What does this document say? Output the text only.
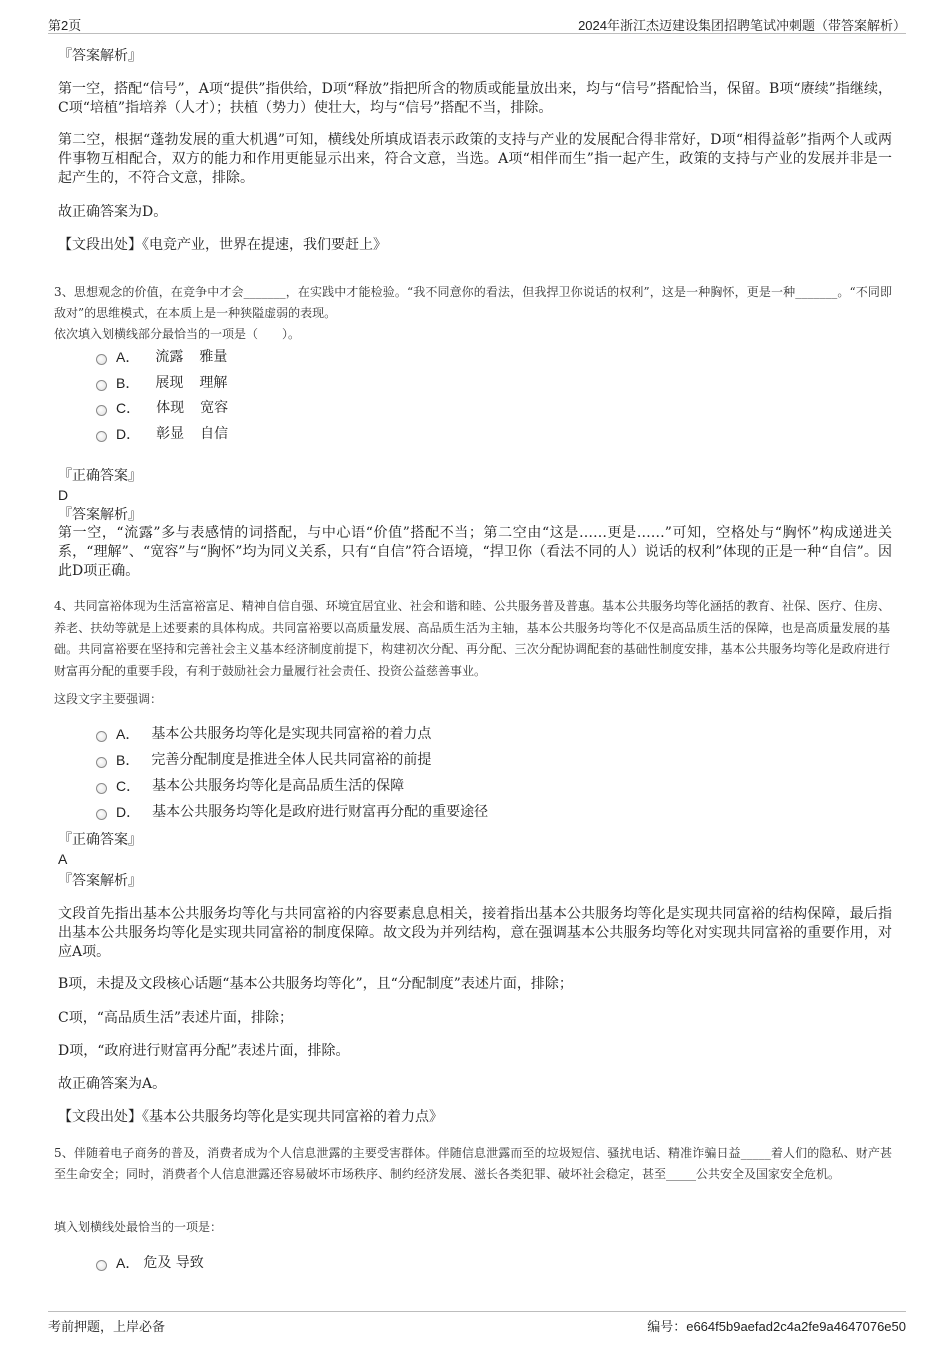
第2页	2024年浙江杰迈建设集团招聘笔试冲刺题（带答案解析）
『答案解析』
第一空，搭配“信号”，A项“提供”指供给，D项“释放”指把所含的物质或能量放出来，均与“信号”搭配恰当，保留。B项“赓续”指继续，C项“培植”指培养（人才）；扶植（势力）使壮大，均与“信号”搭配不当，排除。
第二空，根据“蓬勃发展的重大机遇”可知，横线处所填成语表示政策的支持与产业的发展配合得非常好，D项“相得益彰”指两个人或两件事物互相配合，双方的能力和作用更能显示出来，符合文意，当选。A项“相伴而生”指一起产生，政策的支持与产业的发展并非是一起产生的，不符合文意，排除。
故正确答案为D。
【文段出处】《电竞产业，世界在提速，我们要赶上》
3、思想观念的价值，在竞争中才会_______，在实践中才能检验。“我不同意你的看法，但我捍卫你说话的权利”，这是一种胸怀，更是一种_______。“不同即敌对”的思维模式，在本质上是一种狭隘虚弱的表现。
依次填入划横线部分最恰当的一项是（　　）。
A． 流露 雅量
B． 展现 理解
C． 体现 宽容
D． 彰显 自信
『正确答案』
D
『答案解析』
第一空，“流露”多与表感情的词搭配，与中心语“价值”搭配不当；第二空由“这是……更是……”可知，空格处与“胸怀”构成递进关系，“理解”、“宽容”与“胸怀”均为同义关系，只有“自信”符合语境，“捍卫你（看法不同的人）说话的权利”体现的正是一种“自信”。因此D项正确。
4、共同富裕体现为生活富裕富足、精神自信自强、环境宜居宜业、社会和谐和睦、公共服务普及普惠。基本公共服务均等化涵括的教育、社保、医疗、住房、养老、扶幼等就是上述要素的具体构成。共同富裕要以高质量发展、高品质生活为主轴，基本公共服务均等化不仅是高品质生活的保障，也是高质量发展的基础。共同富裕要在坚持和完善社会主义基本经济制度前提下，构建初次分配、再分配、三次分配协调配套的基础性制度安排，基本公共服务均等化是政府进行财富再分配的重要手段，有利于鼓励社会力量履行社会责任、投资公益慈善事业。
这段文字主要强调：
A． 基本公共服务均等化是实现共同富裕的着力点
B． 完善分配制度是推进全体人民共同富裕的前提
C． 基本公共服务均等化是高品质生活的保障
D． 基本公共服务均等化是政府进行财富再分配的重要途径
『正确答案』
A
『答案解析』
文段首先指出基本公共服务均等化与共同富裕的内容要素息息相关，接着指出基本公共服务均等化是实现共同富裕的结构保障，最后指出基本公共服务均等化是实现共同富裕的制度保障。故文段为并列结构，意在强调基本公共服务均等化对实现共同富裕的重要作用，对应A项。
B项，未提及文段核心话题“基本公共服务均等化”，且“分配制度”表述片面，排除；
C项，“高品质生活”表述片面，排除；
D项，“政府进行财富再分配”表述片面，排除。
故正确答案为A。
【文段出处】《基本公共服务均等化是实现共同富裕的着力点》
5、伴随着电子商务的普及，消费者成为个人信息泄露的主要受害群体。伴随信息泄露而至的垃圾短信、骚扰电话、精准诈骗日益_____着人们的隐私、财产甚至生命安全；同时，消费者个人信息泄露还容易破坏市场秩序、制约经济发展、滋长各类犯罪、破坏社会稳定，甚至_____公共安全及国家安全危机。
填入划横线处最恰当的一项是：
A． 危及 导致
考前押题，上岸必备	编号：e664f5b9aefad2c4a2fe9a4647076e50
